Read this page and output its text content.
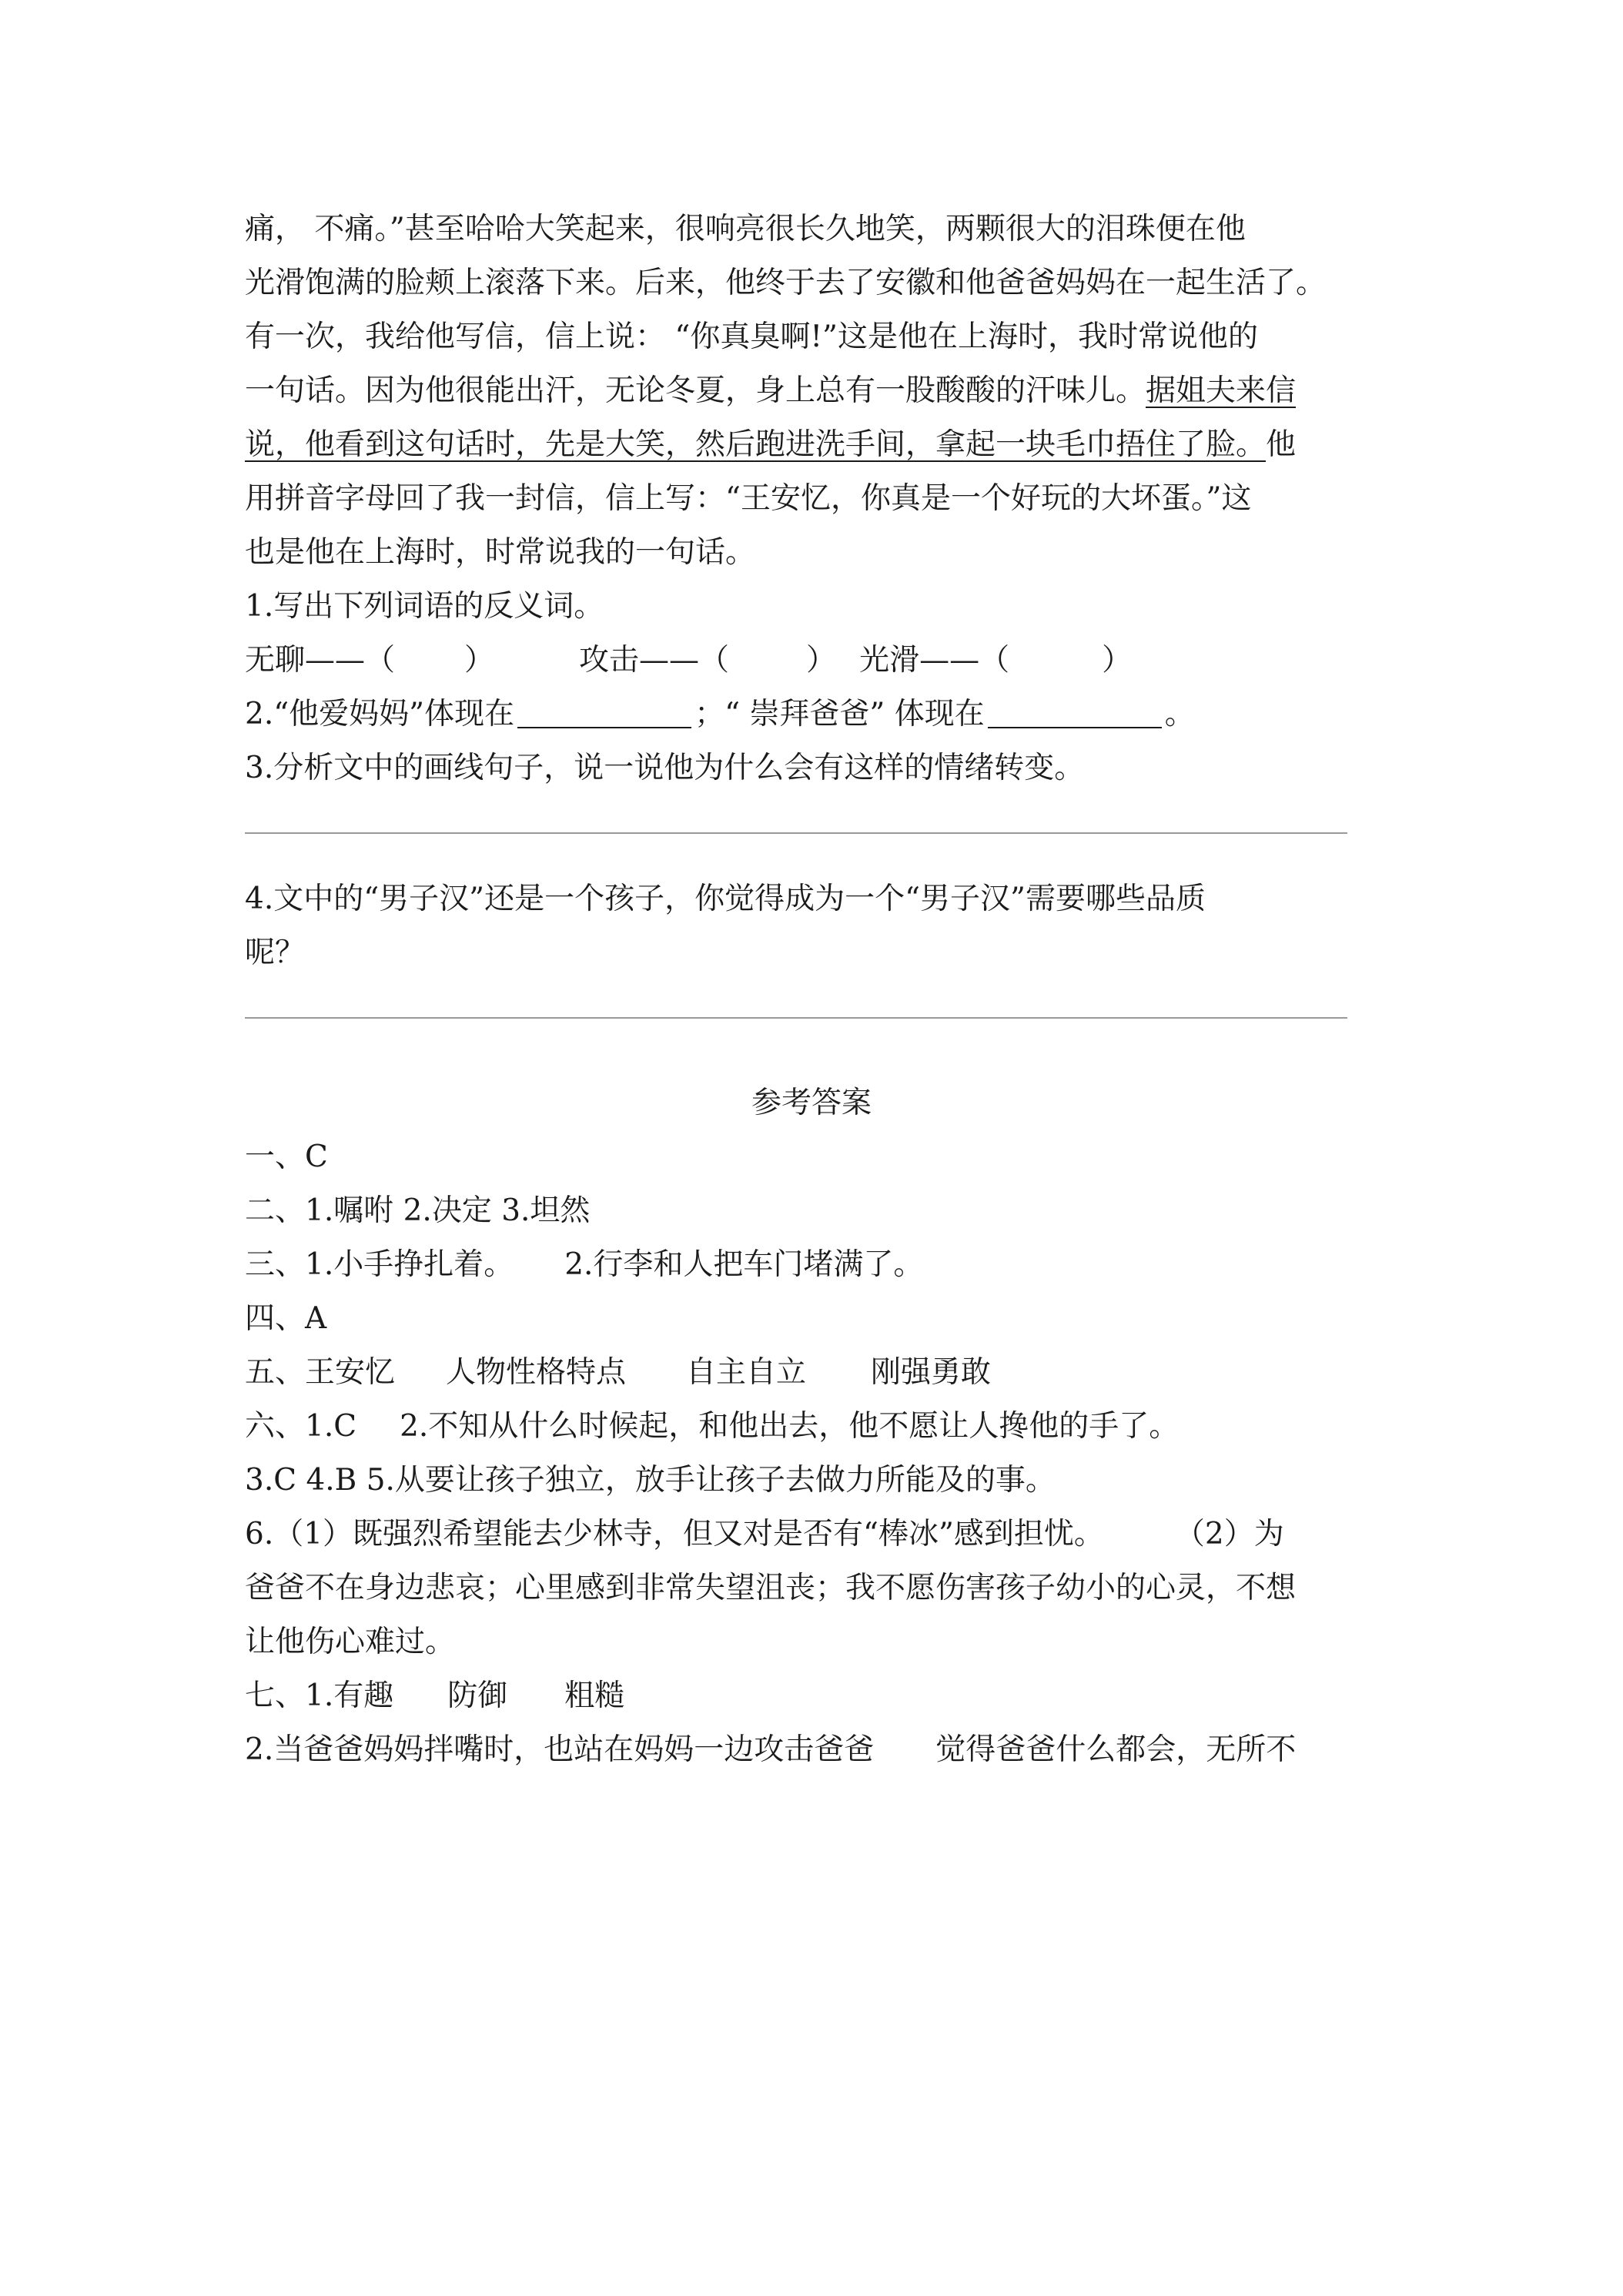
痛， 不痛。”甚至哈哈大笑起来，很响亮很长久地笑，两颗很大的泪珠便在他
光滑饱满的脸颊上滚落下来。后来，他终于去了安徽和他爸爸妈妈在一起生活了。
有一次，我给他写信，信上说： “你真臭啊!”这是他在上海时，我时常说他的
一句话。因为他很能出汗，无论冬夏，身上总有一股酸酸的汗味儿。据姐夫来信
说，他看到这句话时，先是大笑，然后跑进洗手间，拿起一块毛巾捂住了脸。他
用拼音字母回了我一封信，信上写：“王安忆，你真是一个好玩的大坏蛋。”这
也是他在上海时，时常说我的一句话。
1.写出下列词语的反义词。
无聊——（ ）	攻击——（	） 光滑——（	）
2.“他爱妈妈”体现在	；“ 崇拜爸爸” 体现在	。
3.分析文中的画线句子，说一说他为什么会有这样的情绪转变。
4.文中的“男子汉”还是一个孩子，你觉得成为一个“男子汉”需要哪些品质
呢？
参考答案
一、C
二、1.嘱咐 2.决定 3.坦然
三、1.小手挣扎着。 2.行李和人把车门堵满了。
四、A
五、王安忆 人物性格特点 自主自立 刚强勇敢
六、1.C 2.不知从什么时候起，和他出去，他不愿让人搀他的手了。
3.C 4.B 5.从要让孩子独立，放手让孩子去做力所能及的事。
6.（1）既强烈希望能去少林寺，但又对是否有“棒冰”感到担忧。 （2）为
爸爸不在身边悲哀；心里感到非常失望沮丧；我不愿伤害孩子幼小的心灵，不想
让他伤心难过。
七、1.有趣 防御 粗糙
2.当爸爸妈妈拌嘴时，也站在妈妈一边攻击爸爸 觉得爸爸什么都会，无所不
